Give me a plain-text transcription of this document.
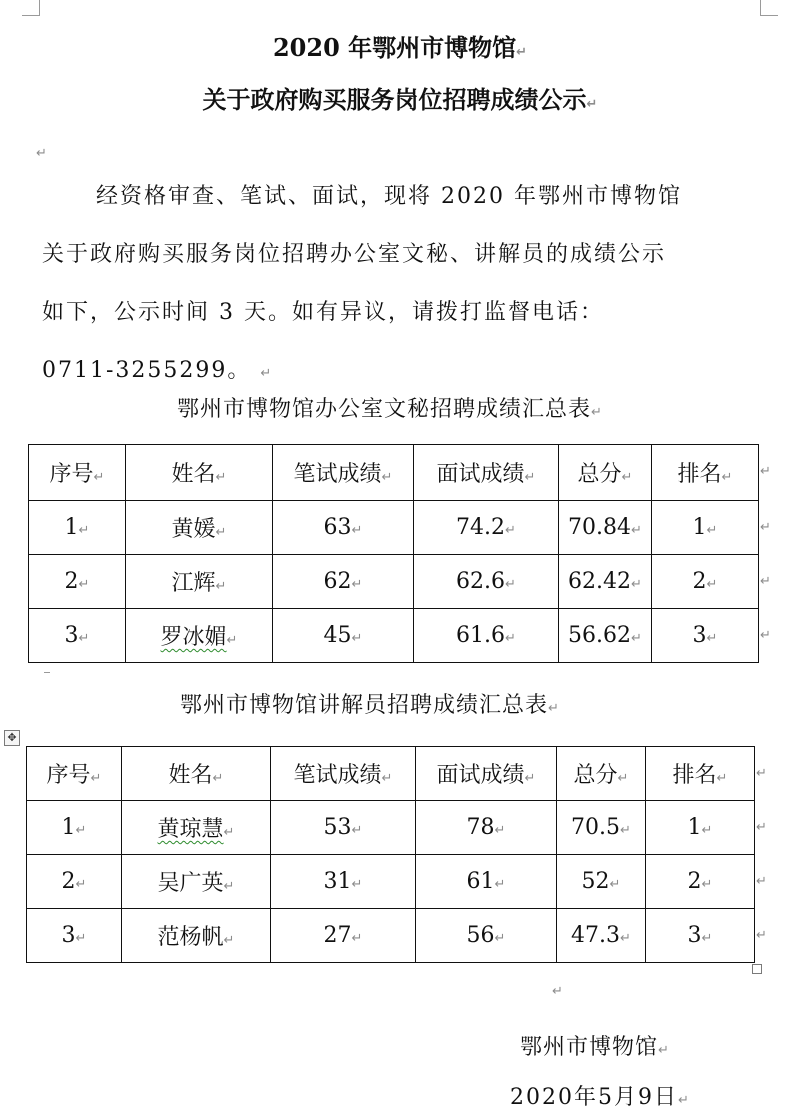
2020 年鄂州市博物馆↵
关于政府购买服务岗位招聘成绩公示↵
↵
经资格审查、笔试、面试，现将 2020 年鄂州市博物馆
关于政府购买服务岗位招聘办公室文秘、讲解员的成绩公示
如下，公示时间 3 天。如有异议，请拨打监督电话：
0711-3255299。 ↵
鄂州市博物馆办公室文秘招聘成绩汇总表↵
序号↵	姓名↵	笔试成绩↵	面试成绩↵	总分↵	排名↵
1↵	黄媛↵	63↵	74.2↵	70.84↵	1↵
2↵	江辉↵	62↵	62.6↵	62.42↵	2↵
3↵	罗冰媚↵	45↵	61.6↵	56.62↵	3↵
↵
↵
↵
↵
鄂州市博物馆讲解员招聘成绩汇总表↵
✥
序号↵	姓名↵	笔试成绩↵	面试成绩↵	总分↵	排名↵
1↵	黄琼慧↵	53↵	78↵	70.5↵	1↵
2↵	吴广英↵	31↵	61↵	52↵	2↵
3↵	范杨帆↵	27↵	56↵	47.3↵	3↵
↵
↵
↵
↵
↵
鄂州市博物馆↵
2020年5月9日↵
